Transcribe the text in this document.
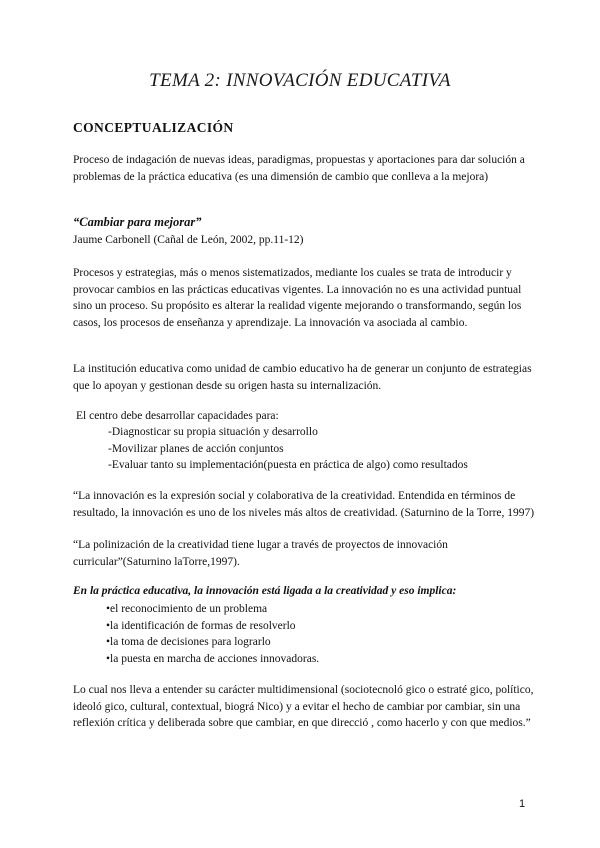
TEMA 2: INNOVACIÓN EDUCATIVA
CONCEPTUALIZACIÓN

Proceso de indagación de nuevas ideas, paradigmas, propuestas y aportaciones para dar solución a problemas de la práctica educativa (es una dimensión de cambio que conlleva a la mejora)

“Cambiar para mejorar”
Jaume Carbonell (Cañal de León, 2002, pp.11-12)

Procesos y estrategias, más o menos sistematizados, mediante los cuales se trata de introducir y provocar cambios en las prácticas educativas vigentes. La innovación no es una actividad puntual sino un proceso. Su propósito es alterar la realidad vigente mejorando o transformando, según los casos, los procesos de enseñanza y aprendizaje. La innovación va asociada al cambio.

La institución educativa como unidad de cambio educativo ha de generar un conjunto de estrategias que lo apoyan y gestionan desde su origen hasta su internalización.

El centro debe desarrollar capacidades para:

-Diagnosticar su propia situación y desarrollo
-Movilizar planes de acción conjuntos
-Evaluar tanto su implementación(puesta en práctica de algo) como resultados

“La innovación es la expresión social y colaborativa de la creatividad. Entendida en términos de resultado, la innovación es uno de los niveles más altos de creatividad. (Saturnino de la Torre, 1997)

“La polinización de la creatividad tiene lugar a través de proyectos de innovación curricular”(Saturnino laTorre,1997).

En la práctica educativa, la innovación está ligada a la creatividad y eso implica:
•el reconocimiento de un problema
•la identificación de formas de resolverlo
•la toma de decisiones para lograrlo
•la puesta en marcha de acciones innovadoras.

Lo cual nos lleva a entender su carácter multidimensional (sociotecnoló gico o estraté gico, político, ideoló gico, cultural, contextual, biográ Nico) y a evitar el hecho de cambiar por cambiar, sin una reflexión crítica y deliberada sobre que cambiar, en que direcció , como hacerlo y con que medios.”

1
